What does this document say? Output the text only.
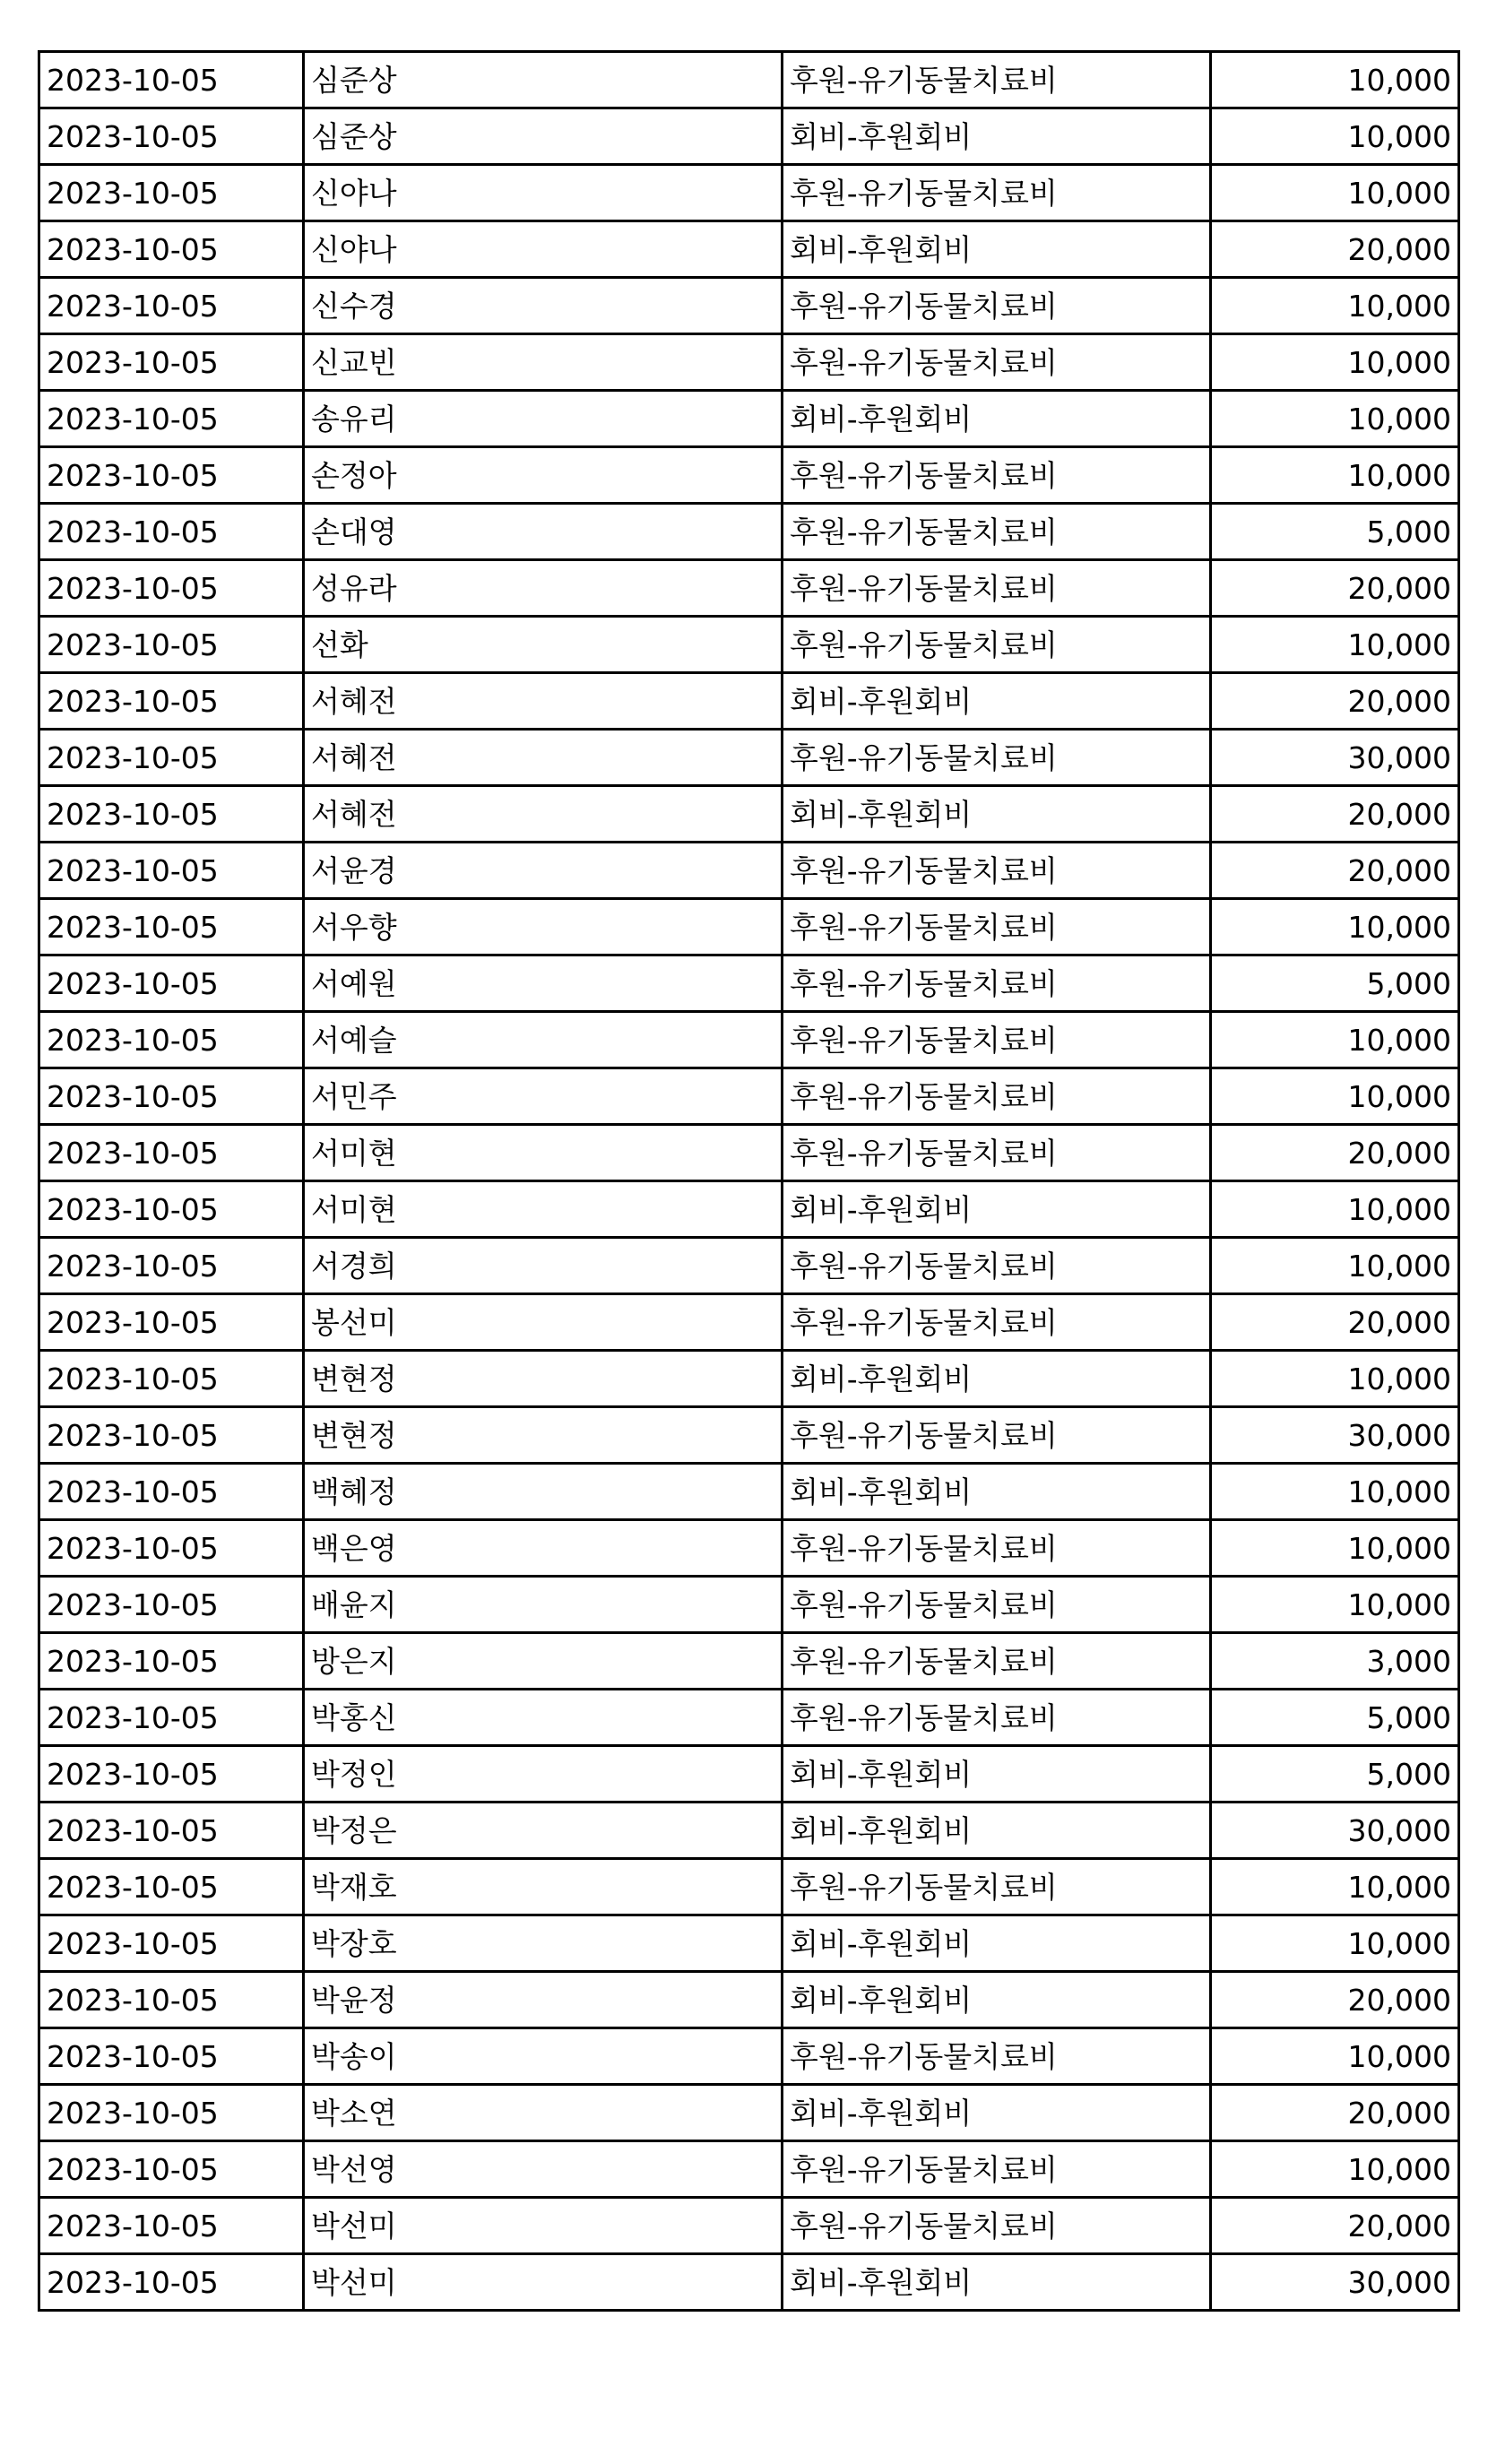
2023-10-05	심준상	후원-유기동물치료비	10,000
2023-10-05	심준상	회비-후원회비	10,000
2023-10-05	신야나	후원-유기동물치료비	10,000
2023-10-05	신야나	회비-후원회비	20,000
2023-10-05	신수경	후원-유기동물치료비	10,000
2023-10-05	신교빈	후원-유기동물치료비	10,000
2023-10-05	송유리	회비-후원회비	10,000
2023-10-05	손정아	후원-유기동물치료비	10,000
2023-10-05	손대영	후원-유기동물치료비	5,000
2023-10-05	성유라	후원-유기동물치료비	20,000
2023-10-05	선화	후원-유기동물치료비	10,000
2023-10-05	서혜전	회비-후원회비	20,000
2023-10-05	서혜전	후원-유기동물치료비	30,000
2023-10-05	서혜전	회비-후원회비	20,000
2023-10-05	서윤경	후원-유기동물치료비	20,000
2023-10-05	서우향	후원-유기동물치료비	10,000
2023-10-05	서예원	후원-유기동물치료비	5,000
2023-10-05	서예슬	후원-유기동물치료비	10,000
2023-10-05	서민주	후원-유기동물치료비	10,000
2023-10-05	서미현	후원-유기동물치료비	20,000
2023-10-05	서미현	회비-후원회비	10,000
2023-10-05	서경희	후원-유기동물치료비	10,000
2023-10-05	봉선미	후원-유기동물치료비	20,000
2023-10-05	변현정	회비-후원회비	10,000
2023-10-05	변현정	후원-유기동물치료비	30,000
2023-10-05	백혜정	회비-후원회비	10,000
2023-10-05	백은영	후원-유기동물치료비	10,000
2023-10-05	배윤지	후원-유기동물치료비	10,000
2023-10-05	방은지	후원-유기동물치료비	3,000
2023-10-05	박홍신	후원-유기동물치료비	5,000
2023-10-05	박정인	회비-후원회비	5,000
2023-10-05	박정은	회비-후원회비	30,000
2023-10-05	박재호	후원-유기동물치료비	10,000
2023-10-05	박장호	회비-후원회비	10,000
2023-10-05	박윤정	회비-후원회비	20,000
2023-10-05	박송이	후원-유기동물치료비	10,000
2023-10-05	박소연	회비-후원회비	20,000
2023-10-05	박선영	후원-유기동물치료비	10,000
2023-10-05	박선미	후원-유기동물치료비	20,000
2023-10-05	박선미	회비-후원회비	30,000
